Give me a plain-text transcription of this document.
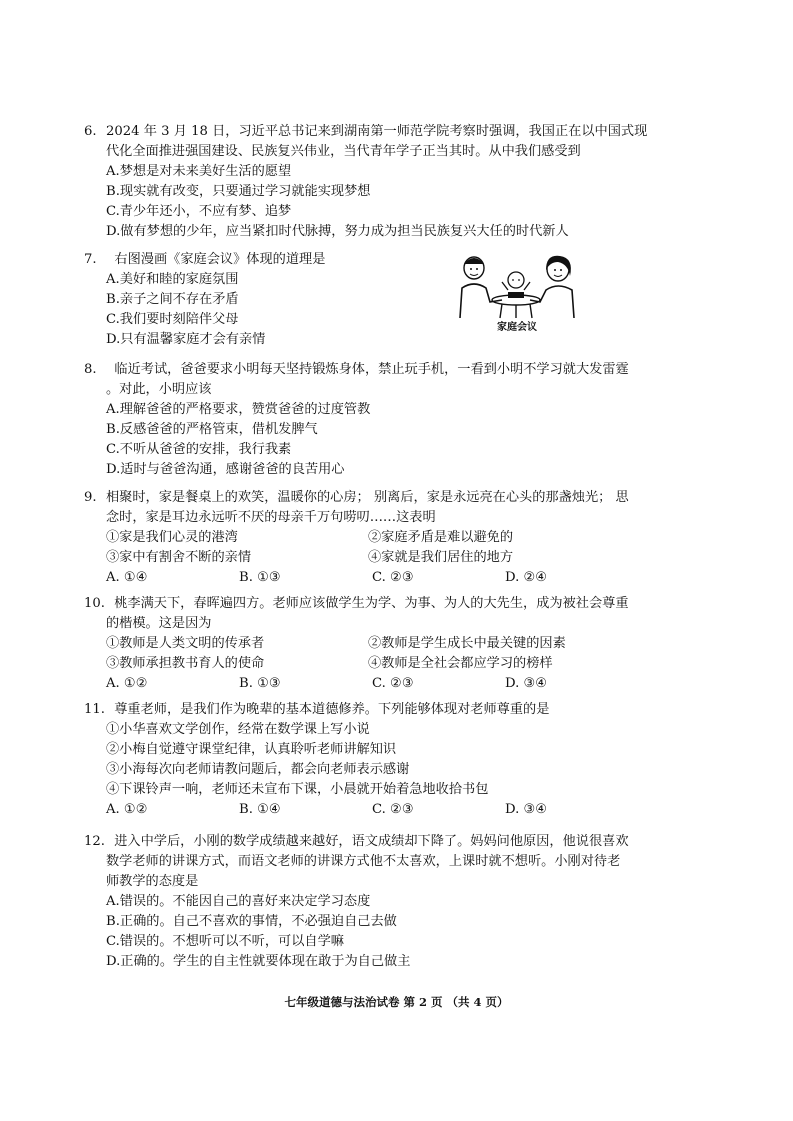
6. 2024 年 3 月 18 日，习近平总书记来到湖南第一师范学院考察时强调，我国正在以中国式现
代化全面推进强国建设、民族复兴伟业，当代青年学子正当其时。从中我们感受到
A.梦想是对未来美好生活的愿望
B.现实就有改变，只要通过学习就能实现梦想
C.青少年还小，不应有梦、追梦
D.做有梦想的少年，应当紧扣时代脉搏，努力成为担当民族复兴大任的时代新人
7. 右图漫画《家庭会议》体现的道理是
A.美好和睦的家庭氛围
B.亲子之间不存在矛盾
C.我们要时刻陪伴父母
D.只有温馨家庭才会有亲情
家庭会议
8. 临近考试，爸爸要求小明每天坚持锻炼身体，禁止玩手机，一看到小明不学习就大发雷霆
。对此，小明应该
A.理解爸爸的严格要求，赞赏爸爸的过度管教
B.反感爸爸的严格管束，借机发脾气
C.不听从爸爸的安排，我行我素
D.适时与爸爸沟通，感谢爸爸的良苦用心
9. 相聚时，家是餐桌上的欢笑，温暖你的心房； 别离后，家是永远亮在心头的那盏烛光； 思
念时，家是耳边永远听不厌的母亲千万句唠叨……这表明
①家是我们心灵的港湾	②家庭矛盾是难以避免的
③家中有割舍不断的亲情	④家就是我们居住的地方
A. ①④	B. ①③	C. ②③	D. ②④
10. 桃李满天下，春晖遍四方。老师应该做学生为学、为事、为人的大先生，成为被社会尊重
的楷模。这是因为
①教师是人类文明的传承者	②教师是学生成长中最关键的因素
③教师承担教书育人的使命	④教师是全社会都应学习的榜样
A. ①②	B. ①③	C. ②③	D. ③④
11. 尊重老师，是我们作为晚辈的基本道德修养。下列能够体现对老师尊重的是
①小华喜欢文学创作，经常在数学课上写小说
②小梅自觉遵守课堂纪律，认真聆听老师讲解知识
③小海每次向老师请教问题后，都会向老师表示感谢
④下课铃声一响，老师还未宣布下课，小晨就开始着急地收拾书包
A. ①②	B. ①④	C. ②③	D. ③④
12. 进入中学后，小刚的数学成绩越来越好，语文成绩却下降了。妈妈问他原因，他说很喜欢
数学老师的讲课方式，而语文老师的讲课方式他不太喜欢，上课时就不想听。小刚对待老
师教学的态度是
A.错误的。不能因自己的喜好来决定学习态度
B.正确的。自己不喜欢的事情，不必强迫自己去做
C.错误的。不想听可以不听，可以自学嘛
D.正确的。学生的自主性就要体现在敢于为自己做主
七年级道德与法治试卷 第 2 页 （共 4 页）
